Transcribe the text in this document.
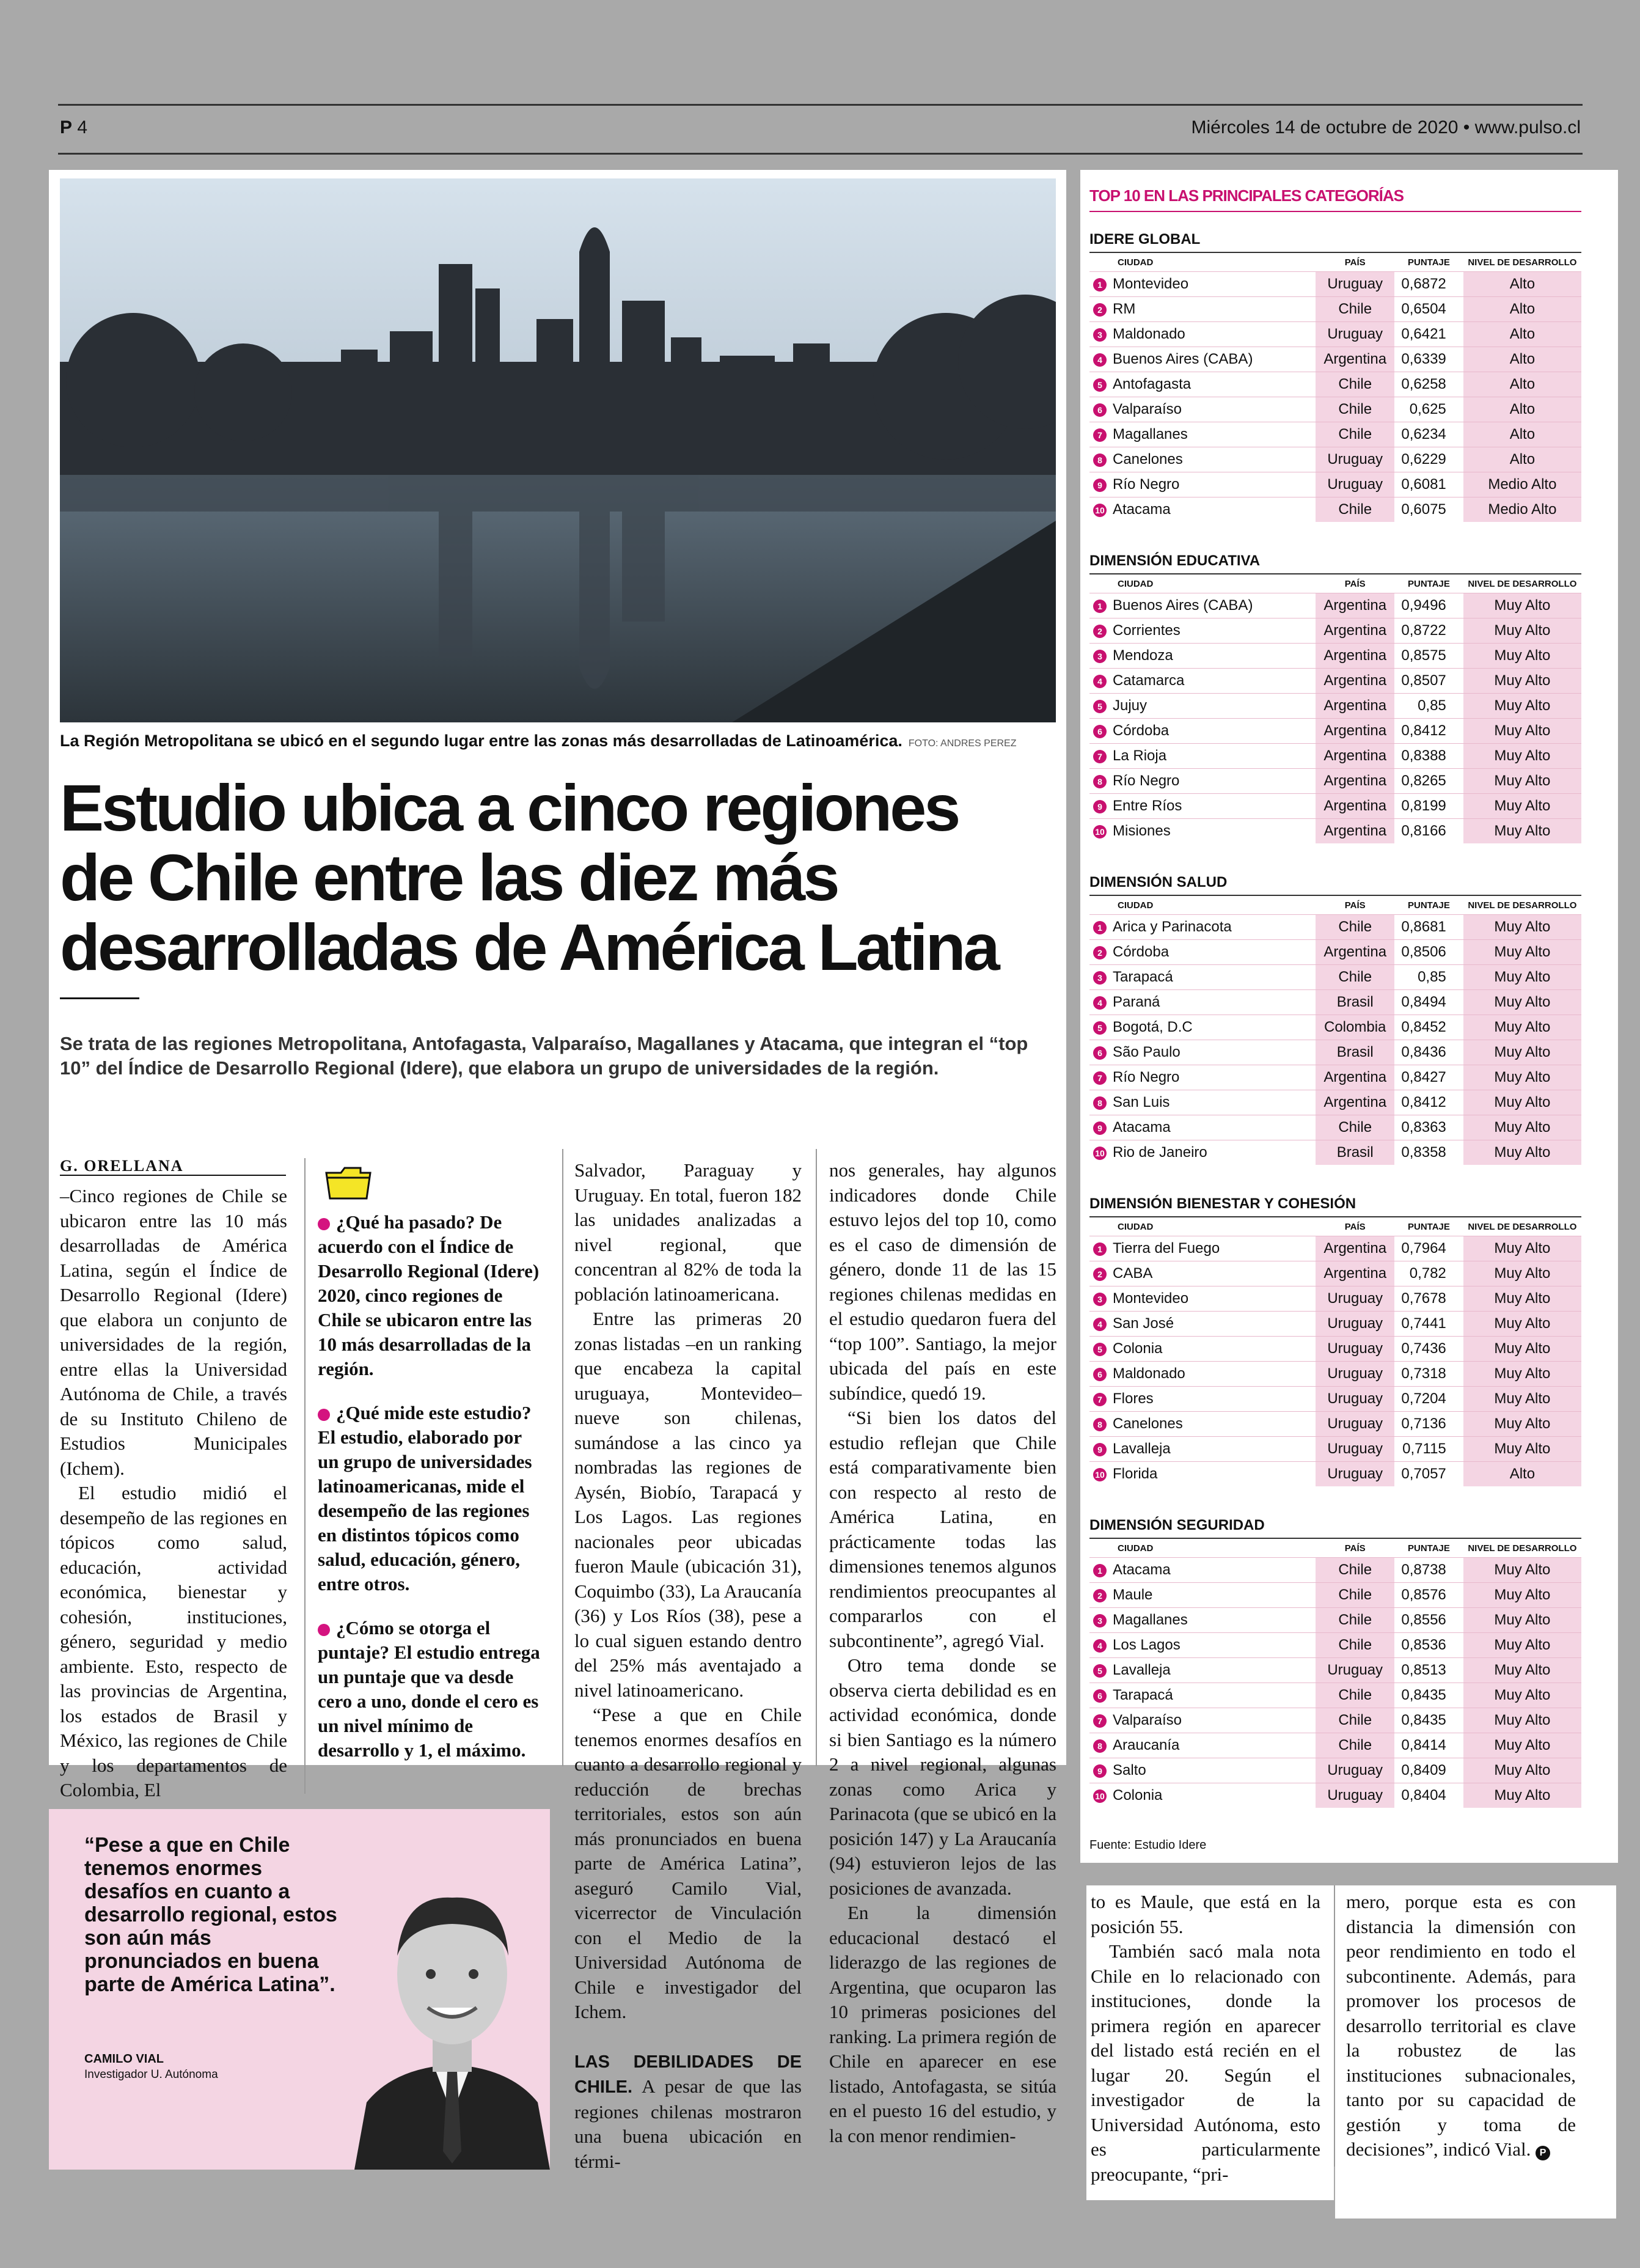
P 4	Miércoles 14 de octubre de 2020 • www.pulso.cl
La Región Metropolitana se ubicó en el segundo lugar entre las zonas más desarrolladas de Latinoamérica. FOTO: ANDRES PEREZ
Estudio ubica a cinco regiones
de Chile entre las diez más
desarrolladas de América Latina
Se trata de las regiones Metropolitana, Antofagasta, Valparaíso, Magallanes y Atacama, que integran el “top 10” del Índice de Desarrollo Regional (Idere), que elabora un grupo de universidades de la región.
G. ORELLANA

–Cinco regiones de Chile se ubicaron entre las 10 más desarrolladas de América Latina, según el Índice de Desarrollo Regional (Idere) que elabora un conjunto de universidades de la región, entre ellas la Universidad Autónoma de Chile, a través de su Instituto Chileno de Estudios Municipales (Ichem).

El estudio midió el desempeño de las regiones en tópicos como salud, educación, actividad económica, bienestar y cohesión, instituciones, género, seguridad y medio ambiente. Esto, respecto de las provincias de Argentina, los estados de Brasil y México, las regiones de Chile y los departamentos de Colombia, El

¿Qué ha pasado? De acuerdo con el Índice de Desarrollo Regional (Idere) 2020, cinco regiones de Chile se ubicaron entre las 10 más desarrolladas de la región.

¿Qué mide este estudio? El estudio, elaborado por un grupo de universidades latinoamericanas, mide el desempeño de las regiones en distintos tópicos como salud, educación, género, entre otros.

¿Cómo se otorga el puntaje? El estudio entrega un puntaje que va desde cero a uno, donde el cero es un nivel mínimo de desarrollo y 1, el máximo.

Salvador, Paraguay y Uruguay. En total, fueron 182 las unidades analizadas a nivel regional, que concentran al 82% de toda la población latinoamericana.

Entre las primeras 20 zonas listadas –en un ranking que encabeza la capital uruguaya, Montevideo– nueve son chilenas, sumándose a las cinco ya nombradas las regiones de Aysén, Biobío, Tarapacá y Los Lagos. Las regiones nacionales peor ubicadas fueron Maule (ubicación 31), Coquimbo (33), La Araucanía (36) y Los Ríos (38), pese a lo cual siguen estando dentro del 25% más aventajado a nivel latinoamericano.

“Pese a que en Chile tenemos enormes desafíos en cuanto a desarrollo regional y reducción de brechas territoriales, estos son aún más pronunciados en buena parte de América Latina”, aseguró Camilo Vial, vicerrector de Vinculación con el Medio de la Universidad Autónoma de Chile e investigador del Ichem.

LAS DEBILIDADES DE CHILE. A pesar de que las regiones chilenas mostraron una buena ubicación en térmi-

nos generales, hay algunos indicadores donde Chile estuvo lejos del top 10, como es el caso de dimensión de género, donde 11 de las 15 regiones chilenas medidas en el estudio quedaron fuera del “top 100”. Santiago, la mejor ubicada del país en este subíndice, quedó 19.

“Si bien los datos del estudio reflejan que Chile está comparativamente bien con respecto al resto de América Latina, en prácticamente todas las dimensiones tenemos algunos rendimientos preocupantes al compararlos con el subcontinente”, agregó Vial.

Otro tema donde se observa cierta debilidad es en actividad económica, donde si bien Santiago es la número 2 a nivel regional, algunas zonas como Arica y Parinacota (que se ubicó en la posición 147) y La Araucanía (94) estuvieron lejos de las posiciones de avanzada.

En la dimensión educacional destacó el liderazgo de las regiones de Argentina, que ocuparon las 10 primeras posiciones del ranking. La primera región de Chile en aparecer en ese listado, Antofagasta, se sitúa en el puesto 16 del estudio, y la con menor rendimien-

“Pese a que en Chile tenemos enormes desafíos en cuanto a desarrollo regional, estos son aún más pronunciados en buena parte de América Latina”.
CAMILO VIAL
Investigador U. Autónoma

to es Maule, que está en la posición 55.

También sacó mala nota Chile en lo relacionado con instituciones, donde la primera región en aparecer del listado está recién en el lugar 20. Según el investigador de la Universidad Autónoma, esto es particularmente preocupante, “pri-

mero, porque esta es con distancia la dimensión con peor rendimiento en todo el subcontinente. Además, para promover los procesos de desarrollo territorial es clave la robustez de las instituciones subnacionales, tanto por su capacidad de gestión y toma de decisiones”, indicó Vial. P

TOP 10 EN LAS PRINCIPALES CATEGORÍAS
IDERE GLOBAL
CIUDAD	PAÍS	PUNTAJE	NIVEL DE DESARROLLO
1 Montevideo	Uruguay	0,6872	Alto
2 RM	Chile	0,6504	Alto
3 Maldonado	Uruguay	0,6421	Alto
4 Buenos Aires (CABA)	Argentina	0,6339	Alto
5 Antofagasta	Chile	0,6258	Alto
6 Valparaíso	Chile	0,625	Alto
7 Magallanes	Chile	0,6234	Alto
8 Canelones	Uruguay	0,6229	Alto
9 Río Negro	Uruguay	0,6081	Medio Alto
10 Atacama	Chile	0,6075	Medio Alto
DIMENSIÓN EDUCATIVA
CIUDAD	PAÍS	PUNTAJE	NIVEL DE DESARROLLO
1 Buenos Aires (CABA)	Argentina	0,9496	Muy Alto
2 Corrientes	Argentina	0,8722	Muy Alto
3 Mendoza	Argentina	0,8575	Muy Alto
4 Catamarca	Argentina	0,8507	Muy Alto
5 Jujuy	Argentina	0,85	Muy Alto
6 Córdoba	Argentina	0,8412	Muy Alto
7 La Rioja	Argentina	0,8388	Muy Alto
8 Río Negro	Argentina	0,8265	Muy Alto
9 Entre Ríos	Argentina	0,8199	Muy Alto
10 Misiones	Argentina	0,8166	Muy Alto
DIMENSIÓN SALUD
CIUDAD	PAÍS	PUNTAJE	NIVEL DE DESARROLLO
1 Arica y Parinacota	Chile	0,8681	Muy Alto
2 Córdoba	Argentina	0,8506	Muy Alto
3 Tarapacá	Chile	0,85	Muy Alto
4 Paraná	Brasil	0,8494	Muy Alto
5 Bogotá, D.C	Colombia	0,8452	Muy Alto
6 São Paulo	Brasil	0,8436	Muy Alto
7 Río Negro	Argentina	0,8427	Muy Alto
8 San Luis	Argentina	0,8412	Muy Alto
9 Atacama	Chile	0,8363	Muy Alto
10 Rio de Janeiro	Brasil	0,8358	Muy Alto
DIMENSIÓN BIENESTAR Y COHESIÓN
CIUDAD	PAÍS	PUNTAJE	NIVEL DE DESARROLLO
1 Tierra del Fuego	Argentina	0,7964	Muy Alto
2 CABA	Argentina	0,782	Muy Alto
3 Montevideo	Uruguay	0,7678	Muy Alto
4 San José	Uruguay	0,7441	Muy Alto
5 Colonia	Uruguay	0,7436	Muy Alto
6 Maldonado	Uruguay	0,7318	Muy Alto
7 Flores	Uruguay	0,7204	Muy Alto
8 Canelones	Uruguay	0,7136	Muy Alto
9 Lavalleja	Uruguay	0,7115	Muy Alto
10 Florida	Uruguay	0,7057	Alto
DIMENSIÓN SEGURIDAD
CIUDAD	PAÍS	PUNTAJE	NIVEL DE DESARROLLO
1 Atacama	Chile	0,8738	Muy Alto
2 Maule	Chile	0,8576	Muy Alto
3 Magallanes	Chile	0,8556	Muy Alto
4 Los Lagos	Chile	0,8536	Muy Alto
5 Lavalleja	Uruguay	0,8513	Muy Alto
6 Tarapacá	Chile	0,8435	Muy Alto
7 Valparaíso	Chile	0,8435	Muy Alto
8 Araucanía	Chile	0,8414	Muy Alto
9 Salto	Uruguay	0,8409	Muy Alto
10 Colonia	Uruguay	0,8404	Muy Alto
Fuente: Estudio Idere
